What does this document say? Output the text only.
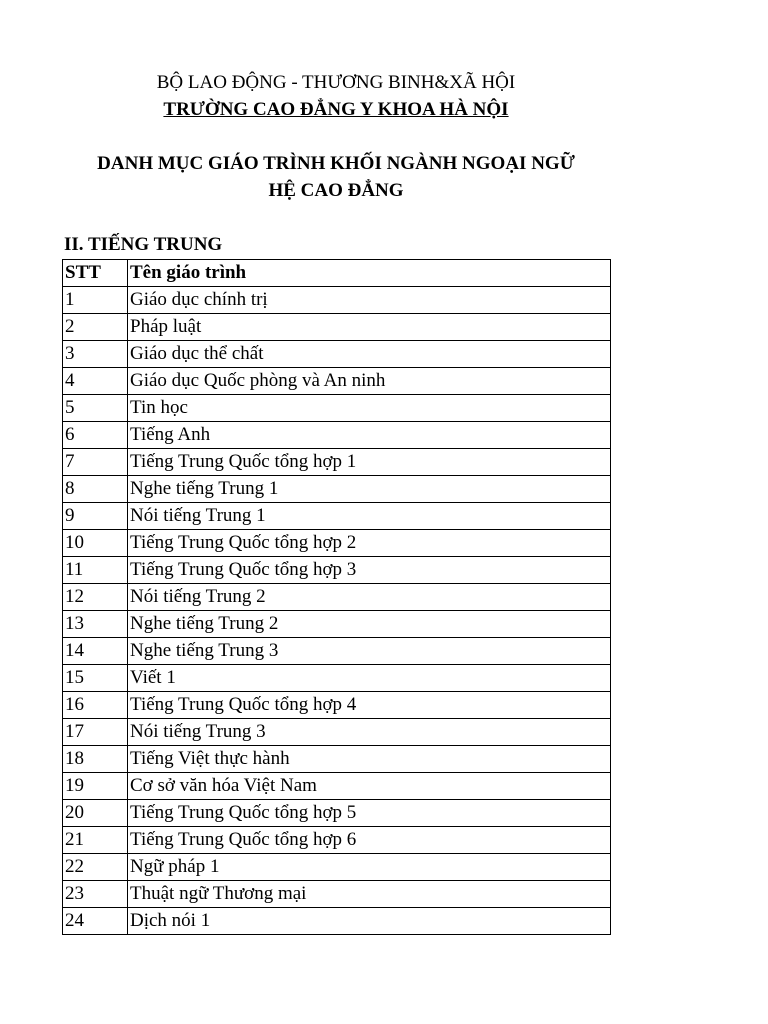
BỘ LAO ĐỘNG - THƯƠNG BINH&XÃ HỘI
TRƯỜNG CAO ĐẲNG Y KHOA HÀ NỘI
DANH MỤC GIÁO TRÌNH KHỐI NGÀNH NGOẠI NGỮ
HỆ CAO ĐẲNG
II. TIẾNG TRUNG
STT	Tên giáo trình
1	Giáo dục chính trị
2	Pháp luật
3	Giáo dục thể chất
4	Giáo dục Quốc phòng và An ninh
5	Tin học
6	Tiếng Anh
7	Tiếng Trung Quốc tổng hợp 1
8	Nghe tiếng Trung 1
9	Nói tiếng Trung 1
10	Tiếng Trung Quốc tổng hợp 2
11	Tiếng Trung Quốc tổng hợp 3
12	Nói tiếng Trung 2
13	Nghe tiếng Trung 2
14	Nghe tiếng Trung 3
15	Viết 1
16	Tiếng Trung Quốc tổng hợp 4
17	Nói tiếng Trung 3
18	Tiếng Việt thực hành
19	Cơ sở văn hóa Việt Nam
20	Tiếng Trung Quốc tổng hợp 5
21	Tiếng Trung Quốc tổng hợp 6
22	Ngữ pháp 1
23	Thuật ngữ Thương mại
24	Dịch nói 1
